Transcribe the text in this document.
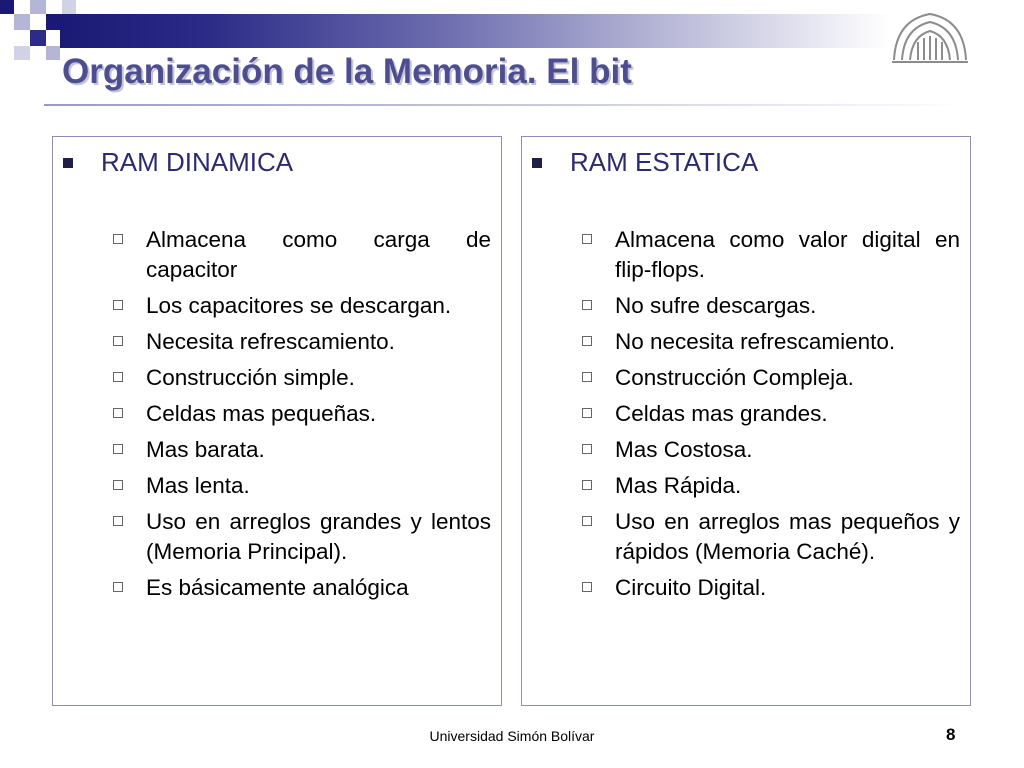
Organización de la Memoria. El bit
RAM DINAMICA
Almacena como carga de capacitor
Los capacitores se descargan.
Necesita refrescamiento.
Construcción simple.
Celdas mas pequeñas.
Mas barata.
Mas lenta.
Uso en arreglos grandes y lentos (Memoria Principal).
Es básicamente analógica
RAM ESTATICA
Almacena como valor digital en flip-flops.
No sufre descargas.
No necesita refrescamiento.
Construcción Compleja.
Celdas mas grandes.
Mas Costosa.
Mas Rápida.
Uso en arreglos mas pequeños y rápidos (Memoria Caché).
Circuito Digital.
Universidad Simón Bolívar	8
